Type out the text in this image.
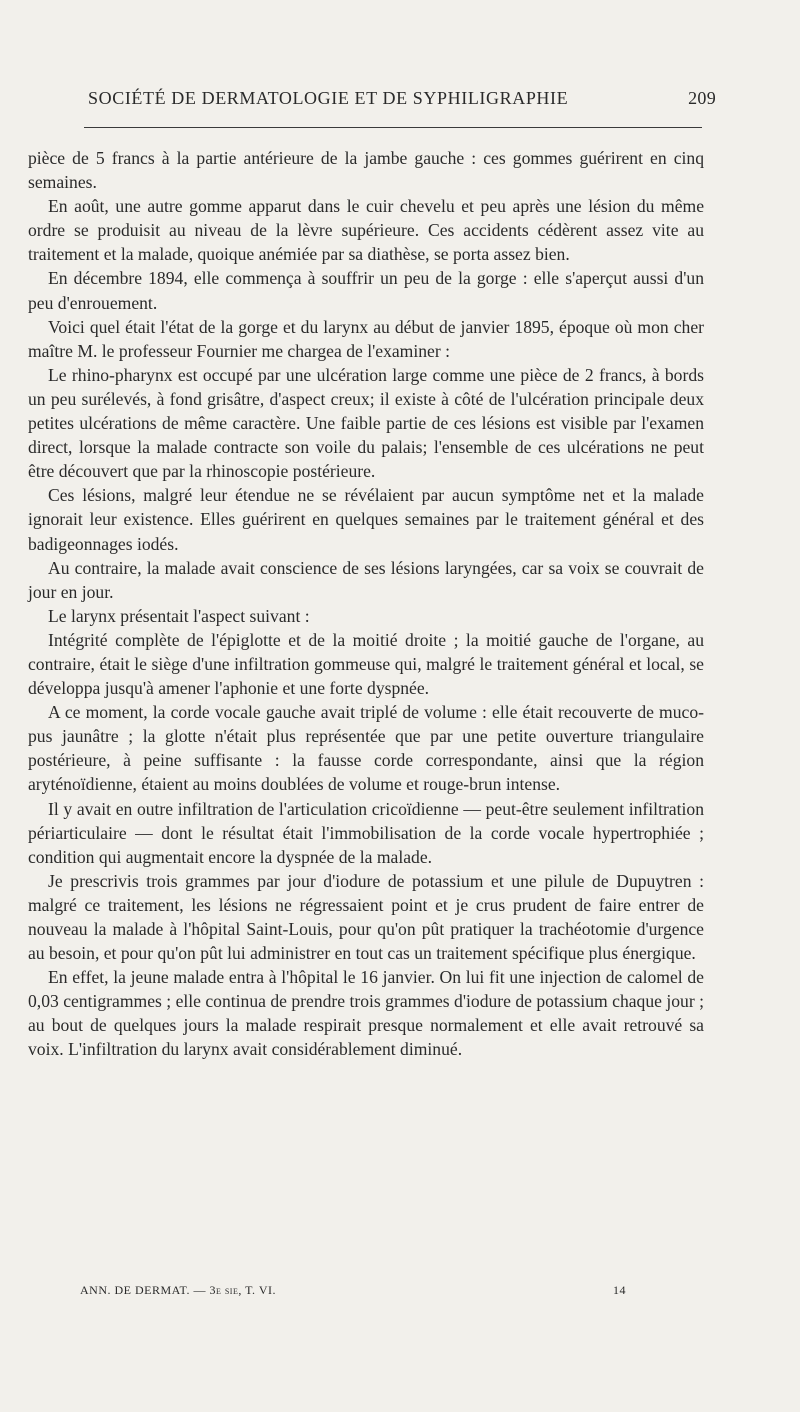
SOCIÉTÉ DE DERMATOLOGIE ET DE SYPHILIGRAPHIE	209

pièce de 5 francs à la partie antérieure de la jambe gauche : ces gommes guérirent en cinq semaines.

En août, une autre gomme apparut dans le cuir chevelu et peu après une lésion du même ordre se produisit au niveau de la lèvre supérieure. Ces accidents cédèrent assez vite au traitement et la malade, quoique anémiée par sa diathèse, se porta assez bien.

En décembre 1894, elle commença à souffrir un peu de la gorge : elle s'aperçut aussi d'un peu d'enrouement.

Voici quel était l'état de la gorge et du larynx au début de janvier 1895, époque où mon cher maître M. le professeur Fournier me chargea de l'examiner :

Le rhino-pharynx est occupé par une ulcération large comme une pièce de 2 francs, à bords un peu surélevés, à fond grisâtre, d'aspect creux; il existe à côté de l'ulcération principale deux petites ulcérations de même caractère. Une faible partie de ces lésions est visible par l'examen direct, lorsque la malade contracte son voile du palais; l'ensemble de ces ulcérations ne peut être découvert que par la rhinoscopie postérieure.

Ces lésions, malgré leur étendue ne se révélaient par aucun symptôme net et la malade ignorait leur existence. Elles guérirent en quelques semaines par le traitement général et des badigeonnages iodés.

Au contraire, la malade avait conscience de ses lésions laryngées, car sa voix se couvrait de jour en jour.

Le larynx présentait l'aspect suivant :

Intégrité complète de l'épiglotte et de la moitié droite ; la moitié gauche de l'organe, au contraire, était le siège d'une infiltration gommeuse qui, malgré le traitement général et local, se développa jusqu'à amener l'aphonie et une forte dyspnée.

A ce moment, la corde vocale gauche avait triplé de volume : elle était recouverte de muco-pus jaunâtre ; la glotte n'était plus représentée que par une petite ouverture triangulaire postérieure, à peine suffisante : la fausse corde correspondante, ainsi que la région aryténoïdienne, étaient au moins doublées de volume et rouge-brun intense.

Il y avait en outre infiltration de l'articulation cricoïdienne — peut-être seulement infiltration périarticulaire — dont le résultat était l'immobilisation de la corde vocale hypertrophiée ; condition qui augmentait encore la dyspnée de la malade.

Je prescrivis trois grammes par jour d'iodure de potassium et une pilule de Dupuytren : malgré ce traitement, les lésions ne régressaient point et je crus prudent de faire entrer de nouveau la malade à l'hôpital Saint-Louis, pour qu'on pût pratiquer la trachéotomie d'urgence au besoin, et pour qu'on pût lui administrer en tout cas un traitement spécifique plus énergique.

En effet, la jeune malade entra à l'hôpital le 16 janvier. On lui fit une injection de calomel de 0,03 centigrammes ; elle continua de prendre trois grammes d'iodure de potassium chaque jour ; au bout de quelques jours la malade respirait presque normalement et elle avait retrouvé sa voix. L'infiltration du larynx avait considérablement diminué.

ANN. DE DERMAT. — 3e sie, T. VI.	14
